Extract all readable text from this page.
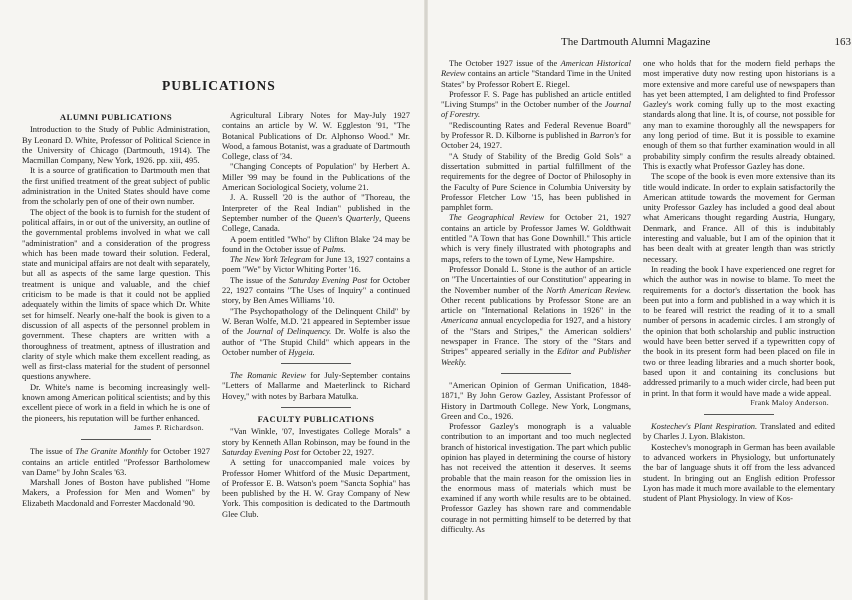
PUBLICATIONS
ALUMNI PUBLICATIONS

Introduction to the Study of Public Administration, By Leonard D. White, Professor of Political Science in the University of Chicago (Dartmouth, 1914). The Macmillan Company, New York, 1926. pp. xiii, 495.

It is a source of gratification to Dartmouth men that the first unified treatment of the great subject of public administration in the United States should have come from the scholarly pen of one of their own number.

The object of the book is to furnish for the student of political affairs, in or out of the university, an outline of the governmental problems involved in what we call "administration" and a consideration of the progress which has been made toward their solution. Federal, state and municipal affairs are not dealt with separately, but all as aspects of the same large question. This treatment is unique and valuable, and the chief criticism to be made is that it could not be applied adequately within the limits of space which Dr. White set for himself. Nearly one-half the book is given to a discussion of all aspects of the personnel problem in government. These chapters are written with a thoroughness of treatment, aptness of illustration and clarity of style which make them excellent reading, as well as first-class material for the student of personnel questions anywhere.

Dr. White's name is becoming increasingly well-known among American political scientists; and by this excellent piece of work in a field in which he is one of the pioneers, his reputation will be further enhanced.

James P. Richardson.

The issue of The Granite Monthly for October 1927 contains an article entitled "Professor Bartholomew van Dame" by John Scales '63.

Marshall Jones of Boston have published "Home Makers, a Profession for Men and Women" by Elizabeth Macdonald and Forrester Macdonald '90.

Agricultural Library Notes for May-July 1927 contains an article by W. W. Eggleston '91, "The Botanical Publications of Dr. Alphonso Wood." Mr. Wood, a famous Botanist, was a graduate of Dartmouth College, class of '34.

"Changing Concepts of Population" by Herbert A. Miller '99 may be found in the Publications of the American Sociological Society, volume 21.

J. A. Russell '20 is the author of "Thoreau, the Interpreter of the Real Indian" published in the September number of the Queen's Quarterly, Queens College, Canada.

A poem entitled "Who" by Clifton Blake '24 may be found in the October issue of Palms.

The New York Telegram for June 13, 1927 contains a poem "We" by Victor Whiting Porter '16.

The issue of the Saturday Evening Post for October 22, 1927 contains "The Uses of Inquiry" a continued story, by Ben Ames Williams '10.

"The Psychopathology of the Delinquent Child" by W. Beran Wolfe, M.D. '21 appeared in September issue of the Journal of Delinquency. Dr. Wolfe is also the author of "The Stupid Child" which appears in the October number of Hygeia.

The Romanic Review for July-September contains "Letters of Mallarme and Maeterlinck to Richard Hovey," with notes by Barbara Matulka.

FACULTY PUBLICATIONS

"Van Winkle, '07, Investigates College Morals" a story by Kenneth Allan Robinson, may be found in the Saturday Evening Post for October 22, 1927.

A setting for unaccompanied male voices by Professor Homer Whitford of the Music Department, of Professor E. B. Watson's poem "Sancta Sophia" has been published by the H. W. Gray Company of New York. This composition is dedicated to the Dartmouth Glee Club.

The Dartmouth Alumni Magazine	163

The October 1927 issue of the American Historical Review contains an article "Standard Time in the United States" by Professor Robert E. Riegel.

Professor F. S. Page has published an article entitled "Living Stumps" in the October number of the Journal of Forestry.

"Rediscounting Rates and Federal Revenue Board" by Professor R. D. Kilborne is published in Barron's for October 24, 1927.

"A Study of Stability of the Bredig Gold Sols" a dissertation submitted in partial fulfillment of the requirements for the degree of Doctor of Philosophy in the Faculty of Pure Science in Columbia University by Professor Fletcher Low '15, has been published in pamphlet form.

The Geographical Review for October 21, 1927 contains an article by Professor James W. Goldthwait entitled "A Town that has Gone Downhill." This article which is very finely illustrated with photographs and maps, refers to the town of Lyme, New Hampshire.

Professor Donald L. Stone is the author of an article on "The Uncertainties of our Constitution" appearing in the November number of the North American Review. Other recent publications by Professor Stone are an article on "International Relations in 1926" in the Americana annual encyclopedia for 1927, and a history of the "Stars and Stripes," the American soldiers' newspaper in France. The story of the "Stars and Stripes" appeared serially in the Editor and Publisher Weekly.

"American Opinion of German Unification, 1848-1871," By John Gerow Gazley, Assistant Professor of History in Dartmouth College. New York, Longmans, Green and Co., 1926.

Professor Gazley's monograph is a valuable contribution to an important and too much neglected branch of historical investigation. The part which public opinion has played in determining the course of history has not received the attention it deserves. It seems probable that the main reason for the omission lies in the enormous mass of materials which must be examined if any worth while results are to be obtained. Professor Gazley has shown rare and commendable courage in not permitting himself to be deterred by that difficulty. As

one who holds that for the modern field perhaps the most imperative duty now resting upon historians is a more extensive and more careful use of newspapers than has yet been attempted, I am delighted to find Professor Gazley's work coming fully up to the most exacting standards along that line. It is, of course, not possible for any man to examine thoroughly all the newspapers for any long period of time. But it is possible to examine enough of them so that further examination would in all probability simply confirm the results already obtained. This is exactly what Professor Gazley has done.

The scope of the book is even more extensive than its title would indicate. In order to explain satisfactorily the American attitude towards the movement for German unity Professor Gazley has included a good deal about what Americans thought regarding Austria, Hungary, Denmark, and France. All of this is indubitably interesting and valuable, but I am of the opinion that it has been dealt with at greater length than was strictly necessary.

In reading the book I have experienced one regret for which the author was in nowise to blame. To meet the requirements for a doctor's dissertation the book has been put into a form and published in a way which it is to be feared will restrict the reading of it to a small number of persons in academic circles. I am strongly of the opinion that both scholarship and public instruction would have been better served if a typewritten copy of the book in its present form had been placed on file in two or three leading libraries and a much shorter book, based upon it and containing its conclusions but addressed primarily to a much wider circle, had been put in print. In that form it would have made a wide appeal.

Frank Maloy Anderson.

Kostechev's Plant Respiration. Translated and edited by Charles J. Lyon. Blakiston.

Kostechev's monograph in German has been available to advanced workers in Physiology, but unfortunately the bar of language shuts it off from the less advanced student. In bringing out an English edition Professor Lyon has made it much more available to the elementary student of Plant Physiology. In view of Kos-
